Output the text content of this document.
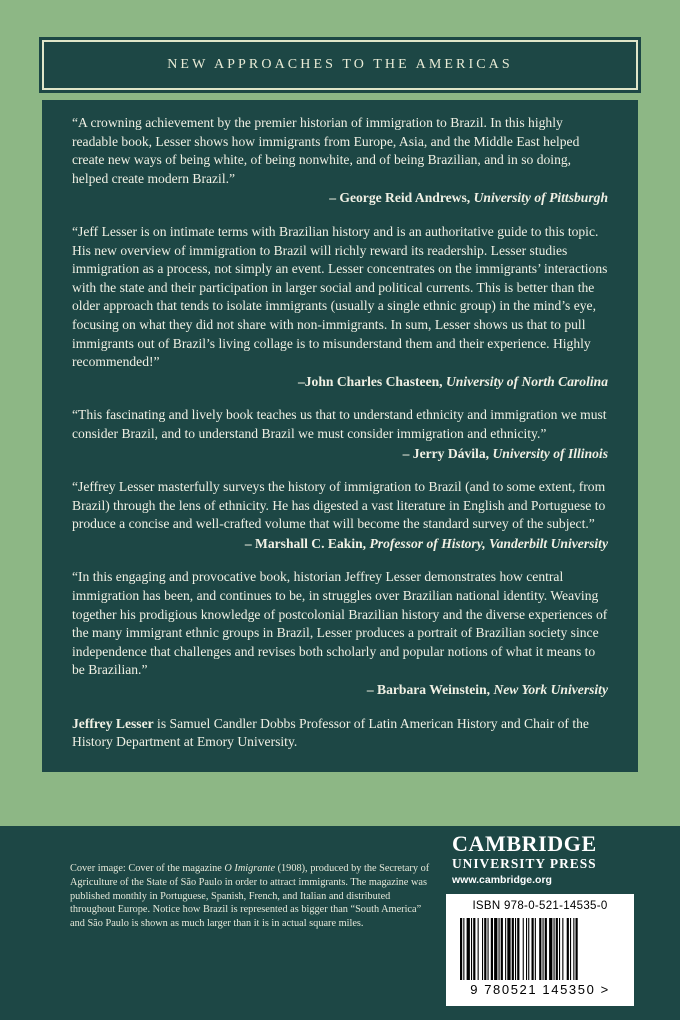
NEW APPROACHES TO THE AMERICAS

“A crowning achievement by the premier historian of immigration to Brazil. In this highly readable book, Lesser shows how immigrants from Europe, Asia, and the Middle East helped create new ways of being white, of being nonwhite, and of being Brazilian, and in so doing, helped create modern Brazil.”

– George Reid Andrews, University of Pittsburgh

“Jeff Lesser is on intimate terms with Brazilian history and is an authoritative guide to this topic. His new overview of immigration to Brazil will richly reward its readership. Lesser studies immigration as a process, not simply an event. Lesser concentrates on the immigrants’ interactions with the state and their participation in larger social and political currents. This is better than the older approach that tends to isolate immigrants (usually a single ethnic group) in the mind’s eye, focusing on what they did not share with non-immigrants. In sum, Lesser shows us that to pull immigrants out of Brazil’s living collage is to misunderstand them and their experience. Highly recommended!”

–John Charles Chasteen, University of North Carolina

“This fascinating and lively book teaches us that to understand ethnicity and immigration we must consider Brazil, and to understand Brazil we must consider immigration and ethnicity.”

– Jerry Dávila, University of Illinois

“Jeffrey Lesser masterfully surveys the history of immigration to Brazil (and to some extent, from Brazil) through the lens of ethnicity. He has digested a vast literature in English and Portuguese to produce a concise and well-crafted volume that will become the standard survey of the subject.”

– Marshall C. Eakin, Professor of History, Vanderbilt University

“In this engaging and provocative book, historian Jeffrey Lesser demonstrates how central immigration has been, and continues to be, in struggles over Brazilian national identity. Weaving together his prodigious knowledge of postcolonial Brazilian history and the diverse experiences of the many immigrant ethnic groups in Brazil, Lesser produces a portrait of Brazilian society since independence that challenges and revises both scholarly and popular notions of what it means to be Brazilian.”

– Barbara Weinstein, New York University

Jeffrey Lesser is Samuel Candler Dobbs Professor of Latin American History and Chair of the History Department at Emory University.

Cover image: Cover of the magazine O Imigrante (1908), produced by the Secretary of Agriculture of the State of São Paulo in order to attract immigrants. The magazine was published monthly in Portuguese, Spanish, French, and Italian and distributed throughout Europe. Notice how Brazil is represented as bigger than “South America” and São Paulo is shown as much larger than it is in actual square miles.

CAMBRIDGE
UNIVERSITY PRESS
www.cambridge.org
ISBN 978-0-521-14535-0
9 780521 145350 >
